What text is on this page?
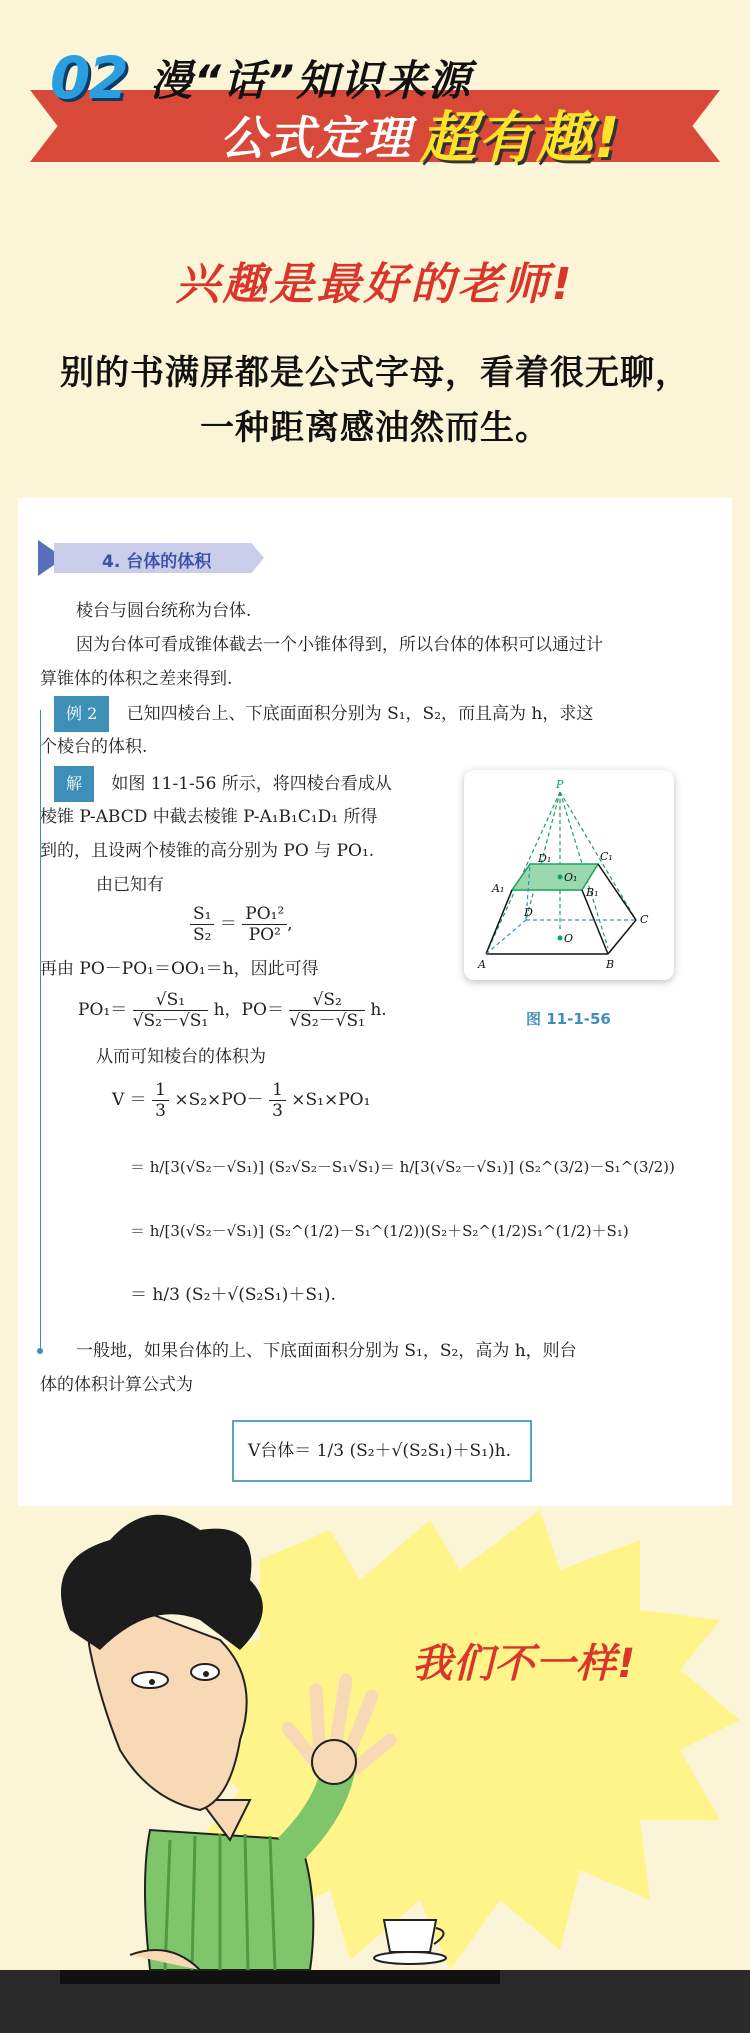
02 漫“话”知识来源
公式定理 超有趣!
兴趣是最好的老师!
别的书满屏都是公式字母，看着很无聊，
一种距离感油然而生。
4. 台体的体积
棱台与圆台统称为台体.
因为台体可看成锥体截去一个小锥体得到，所以台体的体积可以通过计
算锥体的体积之差来得到.
例 2 已知四棱台上、下底面面积分别为 S₁，S₂，而且高为 h，求这
个棱台的体积.
解 如图 11-1-56 所示，将四棱台看成从
棱锥 P-ABCD 中截去棱锥 P-A₁B₁C₁D₁ 所得
到的，且设两个棱锥的高分别为 PO 与 PO₁.
由已知有
$\frac{\text{S₁}}{\text{S₂}} = \frac{\text{PO₁²}}{\text{PO²}}$ ,
再由 PO－PO₁＝OO₁＝h，因此可得
$PO_1= \frac{\text{√S₁}}{\text{√S₂－√S₁}}$ h，$PO= \frac{\text{√S₂}}{\text{√S₂－√S₁}} h$.
从而可知棱台的体积为
$V = \frac{1}{3} \times S_2\times PO- \frac{1}{3} \times S_1\times PO_1$
＝ h/[3(√S₂－√S₁)] (S₂√S₂－S₁√S₁)＝ h/[3(√S₂－√S₁)] (S₂^(3/2)－S₁^(3/2))
＝ h/[3(√S₂－√S₁)] (S₂^(1/2)－S₁^(1/2))(S₂＋S₂^(1/2)S₁^(1/2)＋S₁)
＝ h/3 (S₂＋√(S₂S₁)＋S₁).
一般地，如果台体的上、下底面面积分别为 S₁，S₂，高为 h，则台
体的体积计算公式为
V台体＝ 1/3 (S₂＋√(S₂S₁)＋S₁)h.
P
D₁	C₁
A₁
O₁
B₁
D
C
O
A	B
图 11-1-56
我们不一样!
